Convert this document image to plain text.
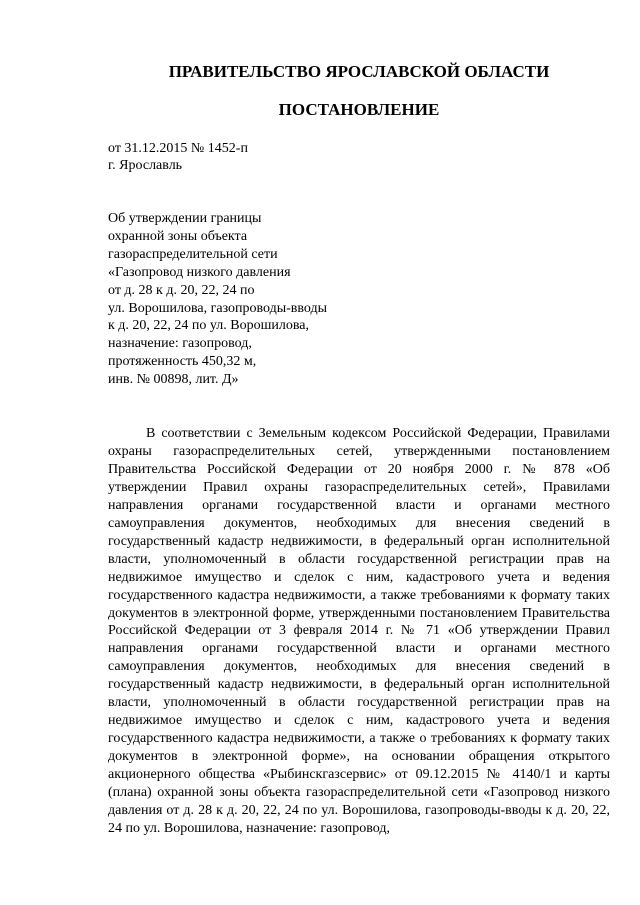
ПРАВИТЕЛЬСТВО ЯРОСЛАВСКОЙ ОБЛАСТИ
ПОСТАНОВЛЕНИЕ
от 31.12.2015 № 1452-п
г. Ярославль
Об утверждении границы
охранной зоны объекта
газораспределительной сети
«Газопровод низкого давления
от д. 28 к д. 20, 22, 24 по
ул. Ворошилова, газопроводы-вводы
к д. 20, 22, 24 по ул. Ворошилова,
назначение: газопровод,
протяженность 450,32 м,
инв. № 00898, лит. Д»

В соответствии с Земельным кодексом Российской Федерации, Правилами охраны газораспределительных сетей, утвержденными постановлением Правительства Российской Федерации от 20 ноября 2000 г. № 878 «Об утверждении Правил охраны газораспределительных сетей», Правилами направления органами государственной власти и органами местного самоуправления документов, необходимых для внесения сведений в государственный кадастр недвижимости, в федеральный орган исполнительной власти, уполномоченный в области государственной регистрации прав на недвижимое имущество и сделок с ним, кадастрового учета и ведения государственного кадастра недвижимости, а также требованиями к формату таких документов в электронной форме, утвержденными постановлением Правительства Российской Федерации от 3 февраля 2014 г. № 71 «Об утверждении Правил направления органами государственной власти и органами местного самоуправления документов, необходимых для внесения сведений в государственный кадастр недвижимости, в федеральный орган исполнительной власти, уполномоченный в области государственной регистрации прав на недвижимое имущество и сделок с ним, кадастрового учета и ведения государственного кадастра недвижимости, а также о требованиях к формату таких документов в электронной форме», на основании обращения открытого акционерного общества «Рыбинскгазсервис» от 09.12.2015 № 4140/1 и карты (плана) охранной зоны объекта газораспределительной сети «Газопровод низкого давления от д. 28 к д. 20, 22, 24 по ул. Ворошилова, газопроводы-вводы к д. 20, 22, 24 по ул. Ворошилова, назначение: газопровод,
